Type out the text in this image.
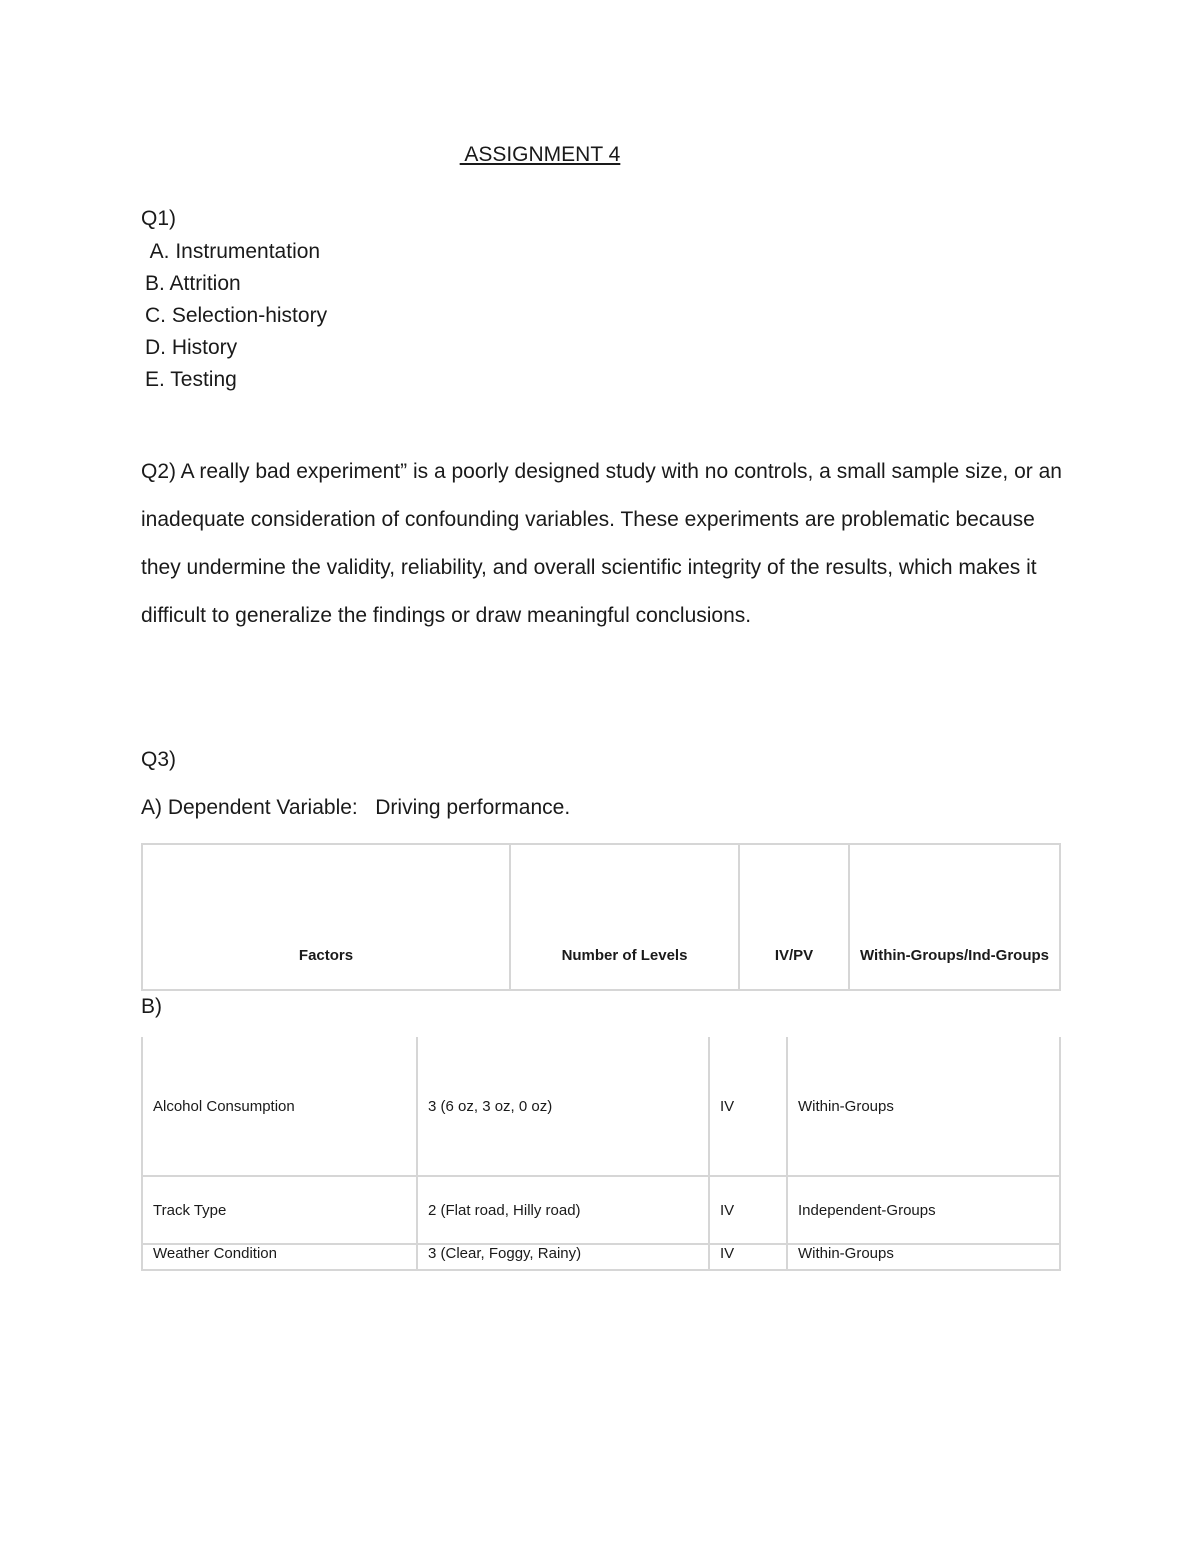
ASSIGNMENT 4
Q1)
A. Instrumentation
B. Attrition
C. Selection-history
D. History
E. Testing

Q2) A really bad experiment” is a poorly designed study with no controls, a small sample size, or an inadequate consideration of confounding variables. These experiments are problematic because they undermine the validity, reliability, and overall scientific integrity of the results, which makes it difficult to generalize the findings or draw meaningful conclusions.

Q3)
A) Dependent Variable:   Driving performance.
Factors	Number of Levels	IV/PV	Within-Groups/Ind-Groups
B)
Alcohol Consumption	3 (6 oz, 3 oz, 0 oz)	IV	Within-Groups
Track Type	2 (Flat road, Hilly road)	IV	Independent-Groups
Weather Condition	3 (Clear, Foggy, Rainy)	IV	Within-Groups
